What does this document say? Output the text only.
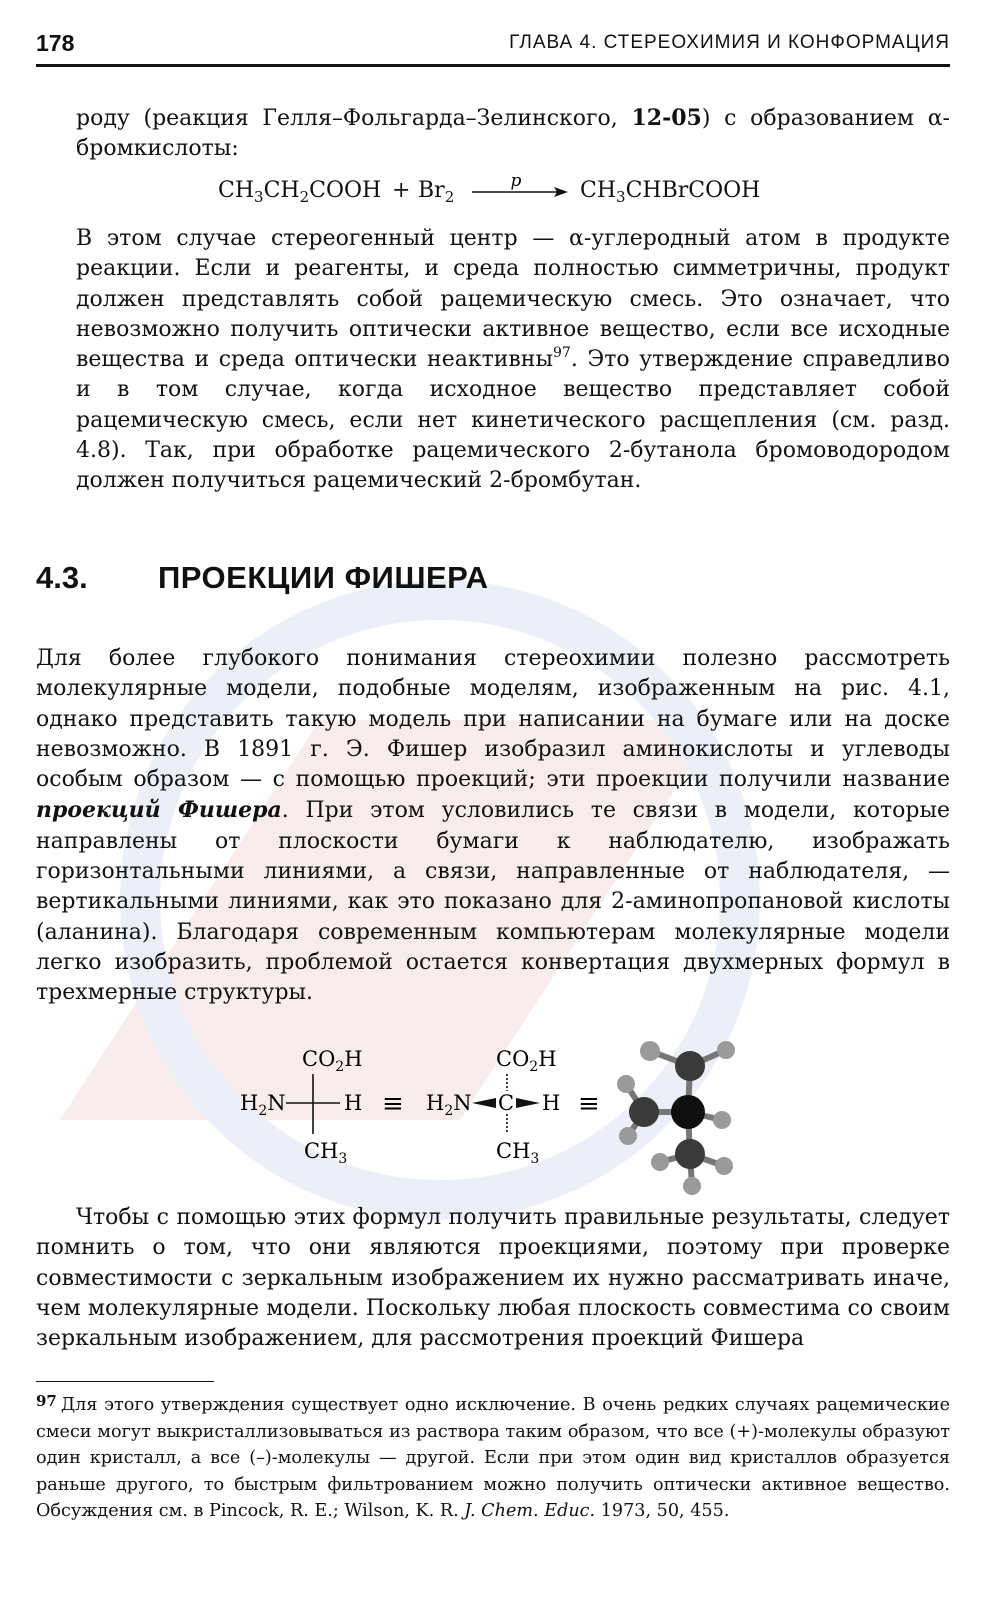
178	ГЛАВА 4. СТЕРЕОХИМИЯ И КОНФОРМАЦИЯ
роду (реакция Гелля–Фольгарда–Зелинского, 12-05) с образованием α-бромкислоты:
$CH_3CH_2COOH + Br_2$
p	$CH_3CHBrCOOH$
В этом случае стереогенный центр — α-углеродный атом в продукте реакции. Если и реагенты, и среда полностью симметричны, продукт должен представлять собой рацемическую смесь. Это означает, что невозможно получить оптически активное вещество, если все исходные вещества и среда оптически неактивны$^{97}$. Это утверждение справедливо и в том случае, когда исходное вещество представляет собой рацемическую смесь, если нет кинетического расщепления (см. разд. 4.8). Так, при обработке рацемического 2-бутанола бромоводородом должен получиться рацемический 2-бромбутан.
4.3. ПРОЕКЦИИ ФИШЕРА
Для более глубокого понимания стереохимии полезно рассмотреть молекулярные модели, подобные моделям, изображенным на рис. 4.1, однако представить такую модель при написании на бумаге или на доске невозможно. В 1891 г. Э. Фишер изобразил аминокислоты и углеводы особым образом — с помощью проекций; эти проекции получили название проекций Фишера. При этом условились те связи в модели, которые направлены от плоскости бумаги к наблюдателю, изображать горизонтальными линиями, а связи, направленные от наблюдателя, — вертикальными линиями, как это показано для 2-аминопропановой кислоты (аланина). Благодаря современным компьютерам молекулярные модели легко изобразить, проблемой остается конвертация двухмерных формул в трехмерные структуры.
$CO_2H$
$H_2N$	H
$CH_3$
≡
$CO_2H$
$H_2N$ C H
$CH_3$
≡
Чтобы с помощью этих формул получить правильные результаты, следует помнить о том, что они являются проекциями, поэтому при проверке совместимости с зеркальным изображением их нужно рассматривать иначе, чем молекулярные модели. Поскольку любая плоскость совместима со своим зеркальным изображением, для рассмотрения проекций Фишера
97 Для этого утверждения существует одно исключение. В очень редких случаях рацемические смеси могут выкристаллизовываться из раствора таким образом, что все (+)-молекулы образуют один кристалл, а все (–)-молекулы — другой. Если при этом один вид кристаллов образуется раньше другого, то быстрым фильтрованием можно получить оптически активное вещество. Обсуждения см. в Pincock, R. E.; Wilson, K. R. J. Chem. Educ. 1973, 50, 455.
